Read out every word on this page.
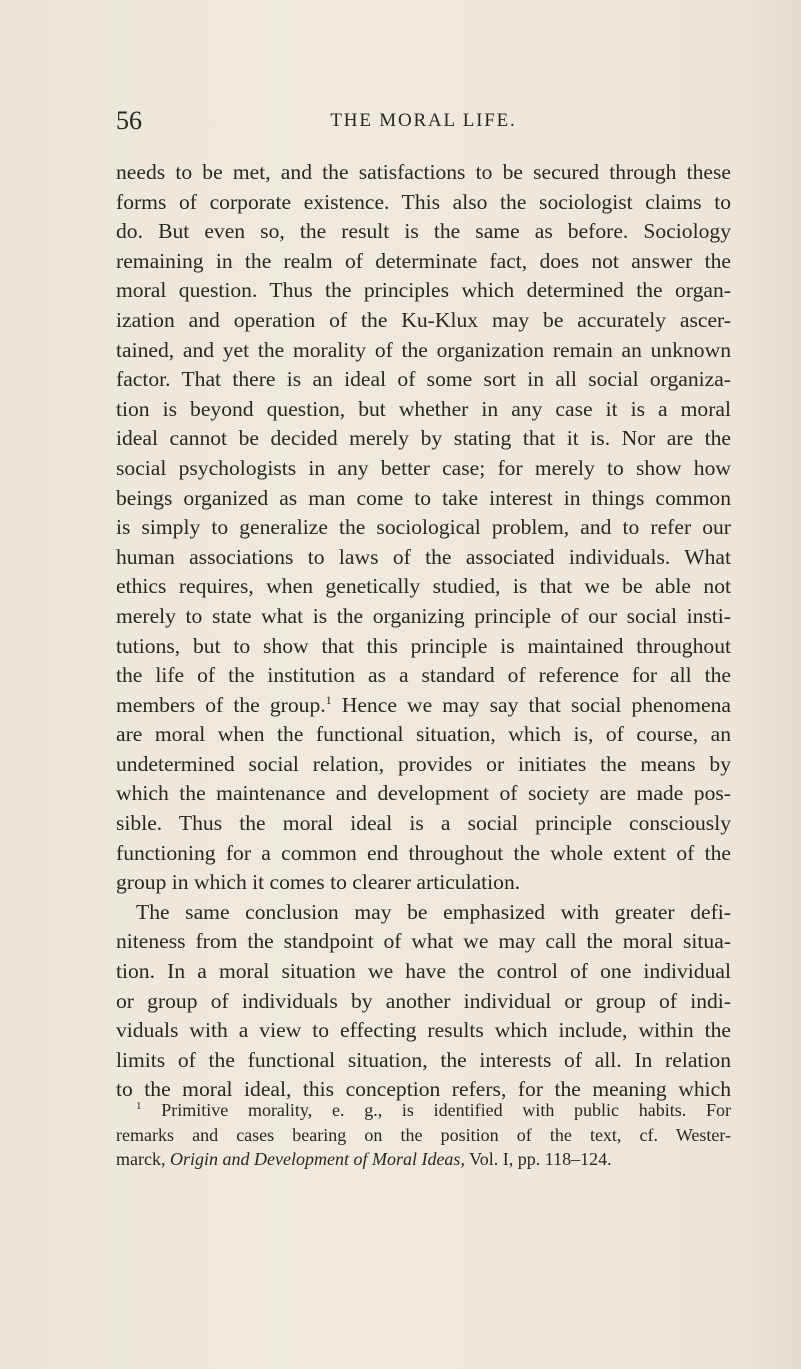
56	THE MORAL LIFE.
needs to be met, and the satisfactions to be secured through these
forms of corporate existence. This also the sociologist claims to
do. But even so, the result is the same as before. Sociology
remaining in the realm of determinate fact, does not answer the
moral question. Thus the principles which determined the organ-
ization and operation of the Ku-Klux may be accurately ascer-
tained, and yet the morality of the organization remain an unknown
factor. That there is an ideal of some sort in all social organiza-
tion is beyond question, but whether in any case it is a moral
ideal cannot be decided merely by stating that it is. Nor are the
social psychologists in any better case; for merely to show how
beings organized as man come to take interest in things common
is simply to generalize the sociological problem, and to refer our
human associations to laws of the associated individuals. What
ethics requires, when genetically studied, is that we be able not
merely to state what is the organizing principle of our social insti-
tutions, but to show that this principle is maintained throughout
the life of the institution as a standard of reference for all the
members of the group.$^1$ Hence we may say that social phenomena
are moral when the functional situation, which is, of course, an
undetermined social relation, provides or initiates the means by
which the maintenance and development of society are made pos-
sible. Thus the moral ideal is a social principle consciously
functioning for a common end throughout the whole extent of the
group in which it comes to clearer articulation.
The same conclusion may be emphasized with greater defi-
niteness from the standpoint of what we may call the moral situa-
tion. In a moral situation we have the control of one individual
or group of individuals by another individual or group of indi-
viduals with a view to effecting results which include, within the
limits of the functional situation, the interests of all. In relation
to the moral ideal, this conception refers, for the meaning which
$^1$ Primitive morality, e. g., is identified with public habits. For
remarks and cases bearing on the position of the text, cf. Wester-
marck, Origin and Development of Moral Ideas, Vol. I, pp. 118–124.
